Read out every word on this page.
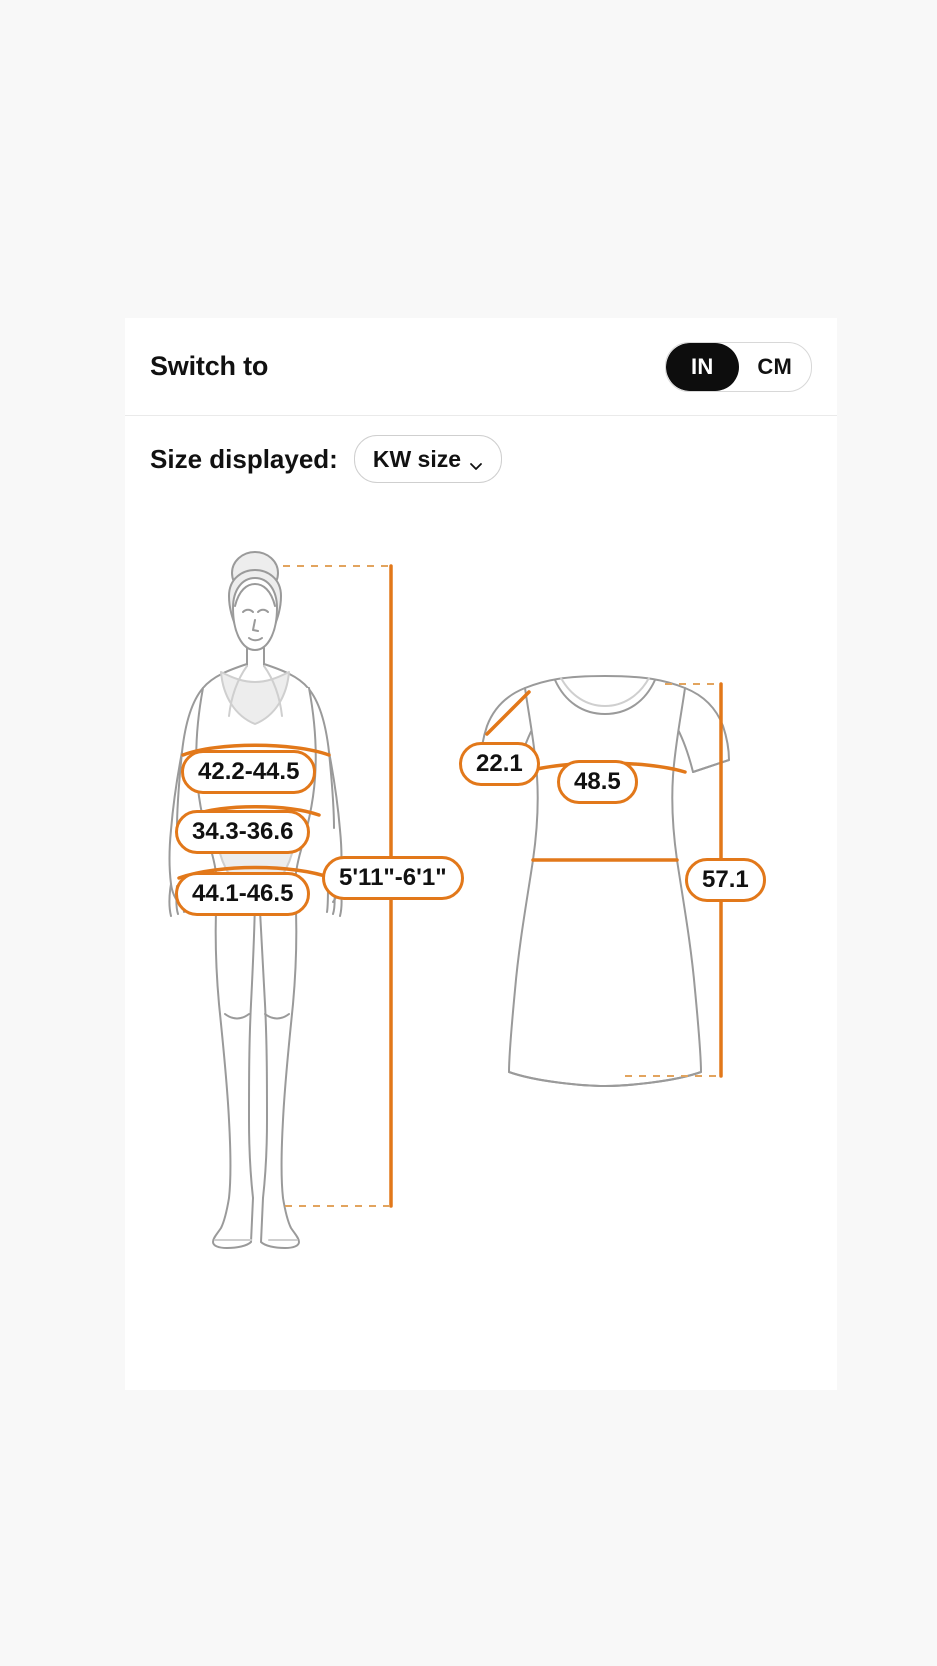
Switch to	IN	CM
Size displayed: KW size
42.2-44.5
34.3-36.6
44.1-46.5
5'11"-6'1"
22.1
48.5
57.1
